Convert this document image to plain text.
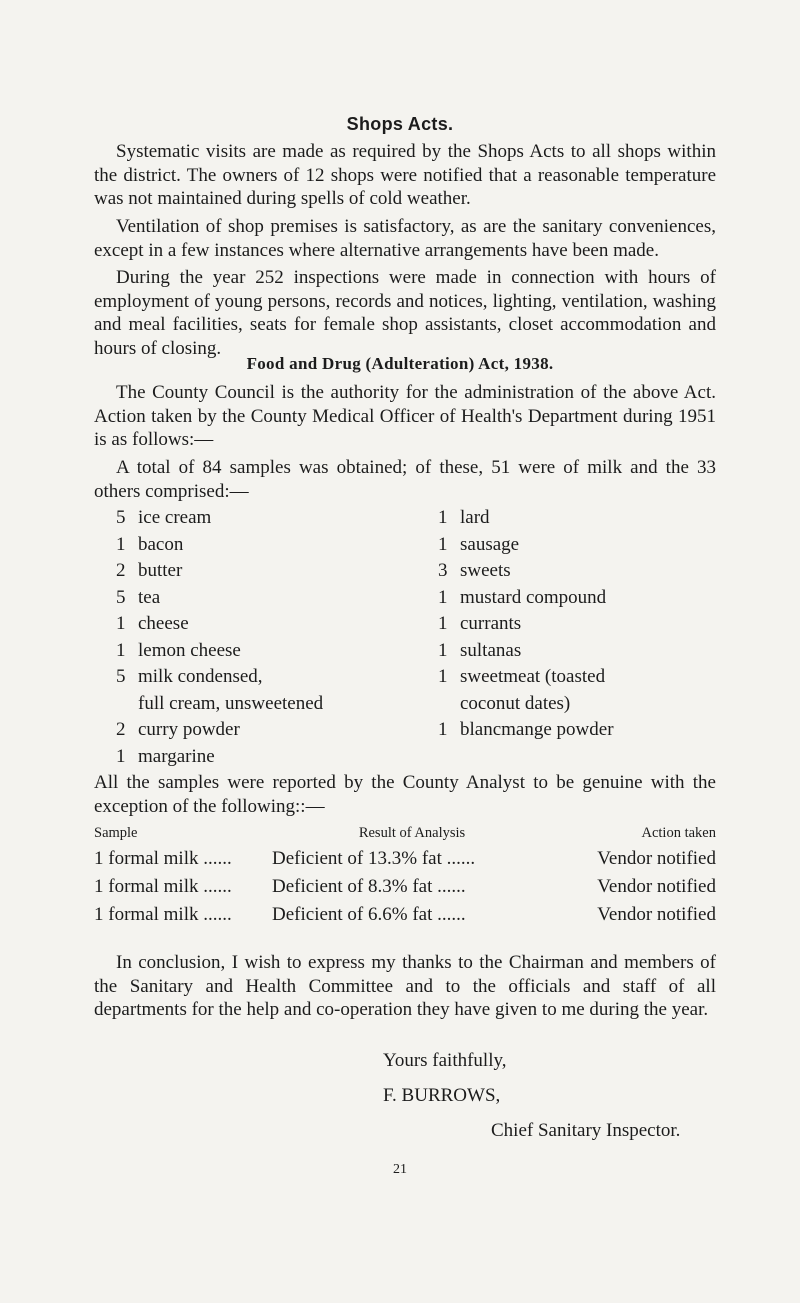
Shops Acts.
Systematic visits are made as required by the Shops Acts to all shops within the district. The owners of 12 shops were notified that a reasonable temperature was not maintained during spells of cold weather.
Ventilation of shop premises is satisfactory, as are the sanitary conveniences, except in a few instances where alternative arrangements have been made.
During the year 252 inspections were made in connection with hours of employment of young persons, records and notices, lighting, ventilation, washing and meal facilities, seats for female shop assistants, closet accommodation and hours of closing.
Food and Drug (Adulteration) Act, 1938.
The County Council is the authority for the administration of the above Act. Action taken by the County Medical Officer of Health's Department during 1951 is as follows:—
A total of 84 samples was obtained; of these, 51 were of milk and the 33 others comprised:—
5 ice cream
1 bacon
2 butter
5 tea
1 cheese
1 lemon cheese
5 milk condensed,
full cream, unsweetened
2 curry powder
1 margarine
1 lard
1 sausage
3 sweets
1 mustard compound
1 currants
1 sultanas
1 sweetmeat (toasted
coconut dates)
1 blancmange powder
All the samples were reported by the County Analyst to be genuine with the exception of the following::—
Sample	Result of Analysis	Action taken
1 formal milk ......	Deficient of 13.3% fat ......	Vendor notified
1 formal milk ......	Deficient of 8.3% fat ......	Vendor notified
1 formal milk ......	Deficient of 6.6% fat ......	Vendor notified
In conclusion, I wish to express my thanks to the Chairman and members of the Sanitary and Health Committee and to the officials and staff of all departments for the help and co-operation they have given to me during the year.
Yours faithfully,
F. BURROWS,
Chief Sanitary Inspector.
21
